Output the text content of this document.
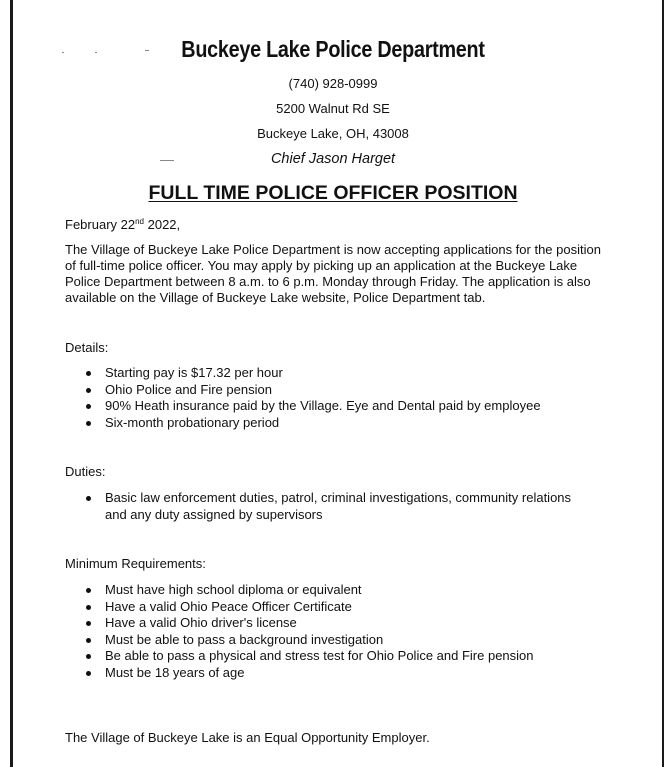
Buckeye Lake Police Department
(740) 928-0999
5200 Walnut Rd SE
Buckeye Lake, OH, 43008
Chief Jason Harget
FULL TIME POLICE OFFICER POSITION
February 22nd 2022,
The Village of Buckeye Lake Police Department is now accepting applications for the position of full-time police officer. You may apply by picking up an application at the Buckeye Lake Police Department between 8 a.m. to 6 p.m. Monday through Friday. The application is also available on the Village of Buckeye Lake website, Police Department tab.
Details:
Starting pay is $17.32 per hour
Ohio Police and Fire pension
90% Heath insurance paid by the Village. Eye and Dental paid by employee
Six-month probationary period
Duties:
Basic law enforcement duties, patrol, criminal investigations, community relations and any duty assigned by supervisors
Minimum Requirements:
Must have high school diploma or equivalent
Have a valid Ohio Peace Officer Certificate
Have a valid Ohio driver's license
Must be able to pass a background investigation
Be able to pass a physical and stress test for Ohio Police and Fire pension
Must be 18 years of age
The Village of Buckeye Lake is an Equal Opportunity Employer.
